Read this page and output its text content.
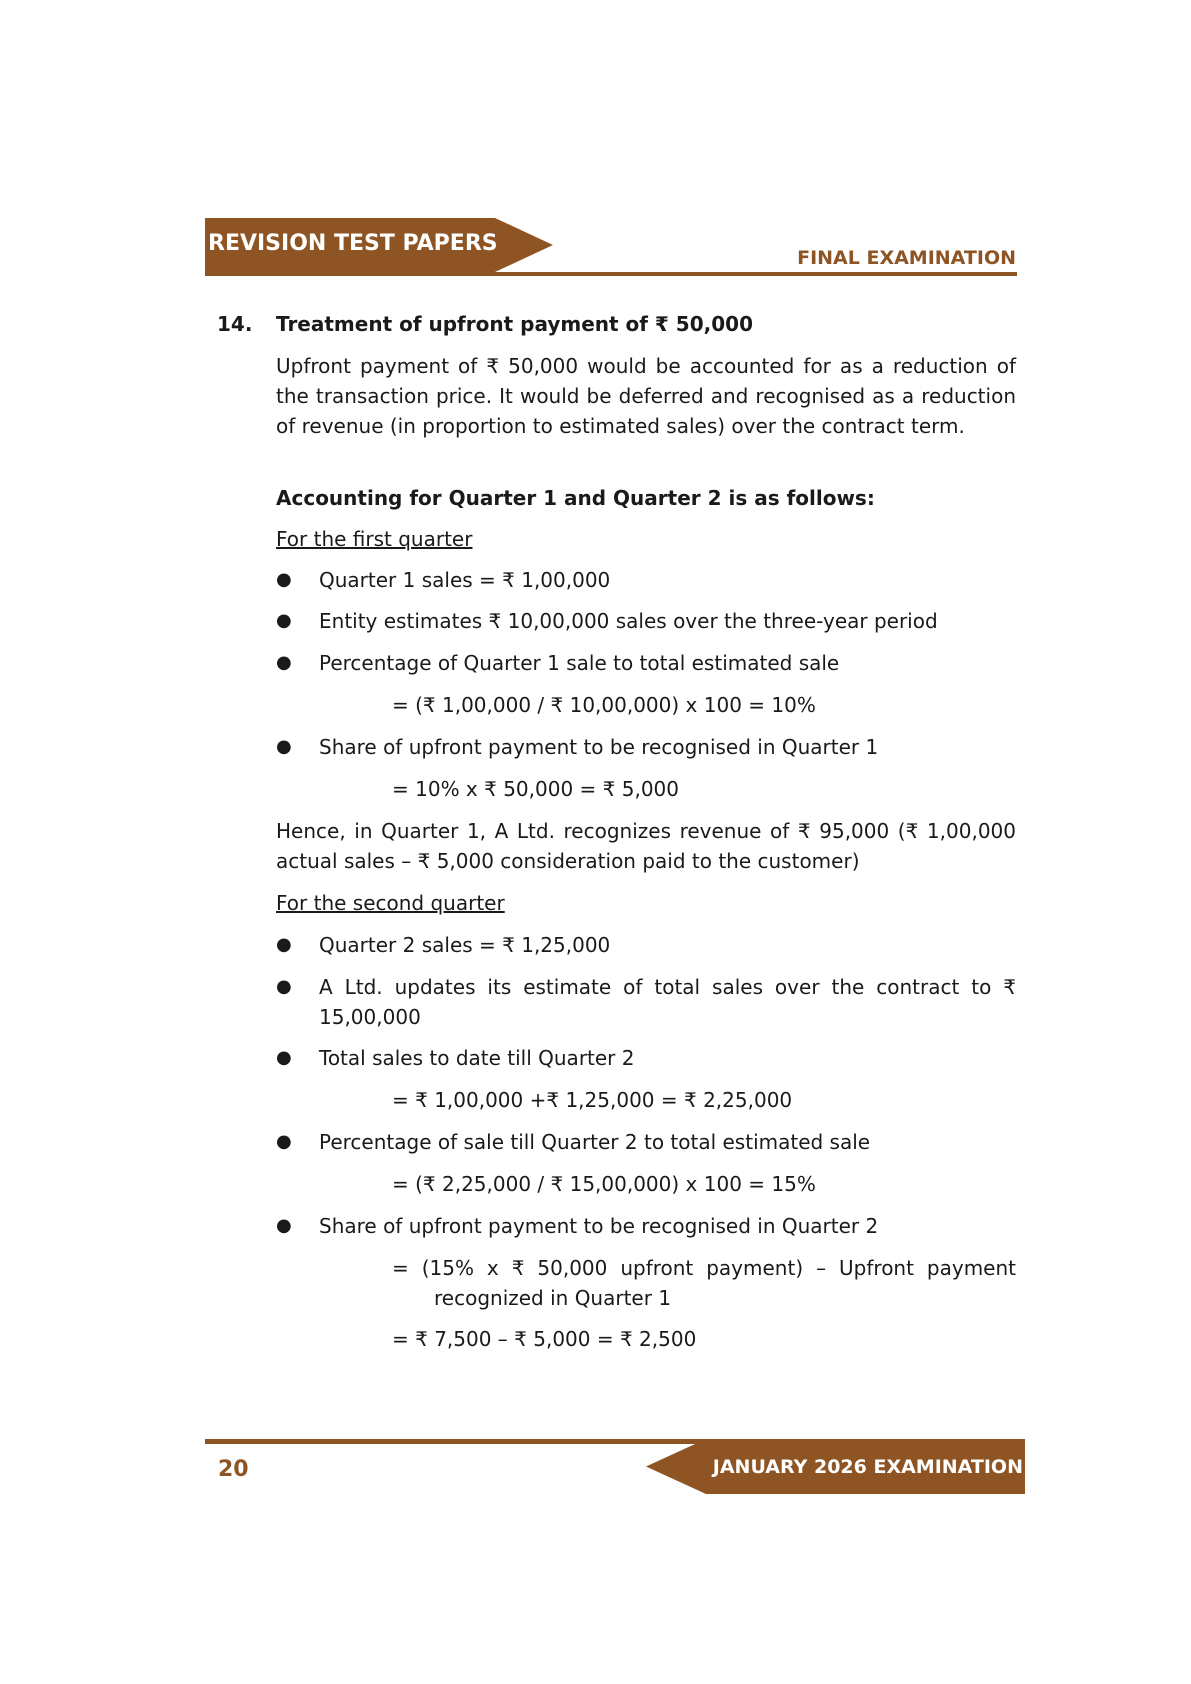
REVISION TEST PAPERS
FINAL EXAMINATION
14. Treatment of upfront payment of ₹ 50,000

Upfront payment of ₹ 50,000 would be accounted for as a reduction of the transaction price. It would be deferred and recognised as a reduction of revenue (in proportion to estimated sales) over the contract term.

Accounting for Quarter 1 and Quarter 2 is as follows:
For the first quarter
● Quarter 1 sales = ₹ 1,00,000
● Entity estimates ₹ 10,00,000 sales over the three-year period
● Percentage of Quarter 1 sale to total estimated sale
= (₹ 1,00,000 / ₹ 10,00,000) x 100 = 10%
● Share of upfront payment to be recognised in Quarter 1
= 10% x ₹ 50,000 = ₹ 5,000

Hence, in Quarter 1, A Ltd. recognizes revenue of ₹ 95,000 (₹ 1,00,000 actual sales – ₹ 5,000 consideration paid to the customer)

For the second quarter
● Quarter 2 sales = ₹ 1,25,000
● A Ltd. updates its estimate of total sales over the contract to ₹ 15,00,000
● Total sales to date till Quarter 2
= ₹ 1,00,000 +₹ 1,25,000 = ₹ 2,25,000
● Percentage of sale till Quarter 2 to total estimated sale
= (₹ 2,25,000 / ₹ 15,00,000) x 100 = 15%
● Share of upfront payment to be recognised in Quarter 2
= (15% x ₹ 50,000 upfront payment) – Upfront payment recognized in Quarter 1
= ₹ 7,500 – ₹ 5,000 = ₹ 2,500
20	JANUARY 2026 EXAMINATION
